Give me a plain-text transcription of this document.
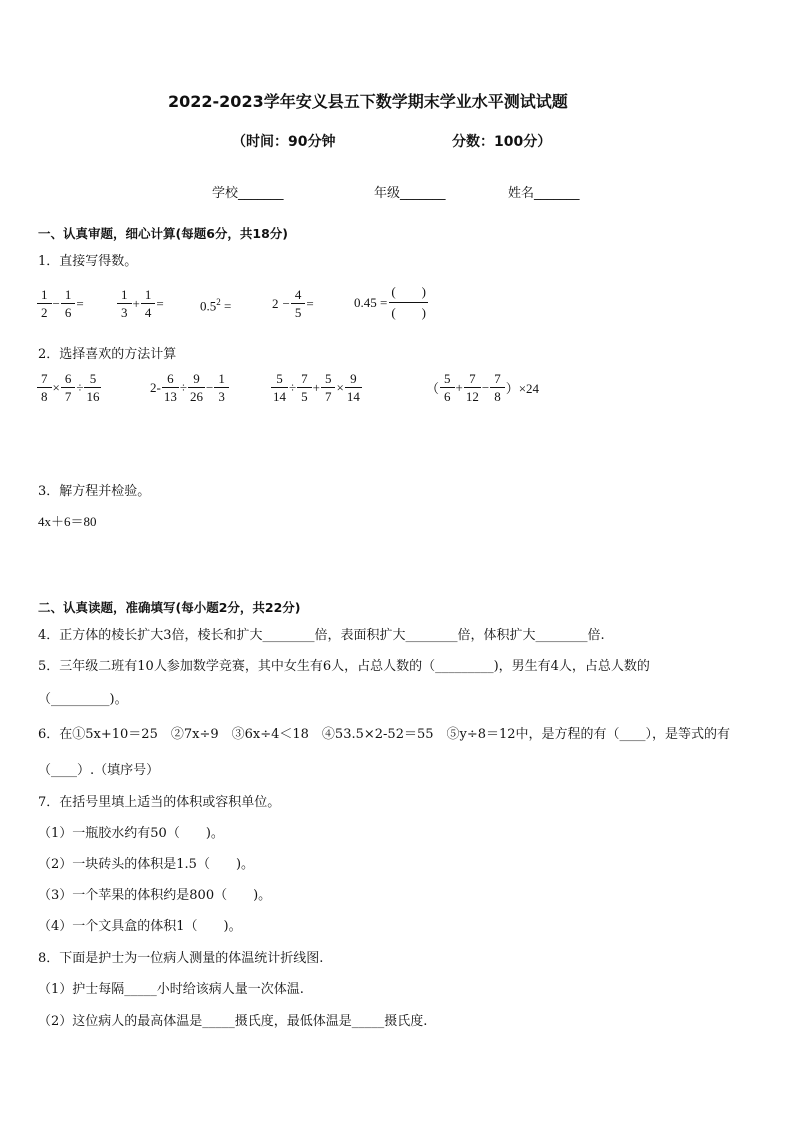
2022-2023学年安义县五下数学期末学业水平测试试题
（时间：90分钟	分数：100分）
学校_______	年级_______	姓名_______
一、认真审题，细心计算(每题6分，共18分)
1．直接写得数。
$\frac{1}{2} - \frac{1}{6}$ =	$\frac{1}{3} + \frac{1}{4}$ =	$0.5^2$ =	$2 - \frac{4}{5}$ =	$0.45 = \frac{( )}{( )}$
2．选择喜欢的方法计算
$\frac{7}{8} \times \frac{6}{7} \div \frac{5}{16}$	$2- \frac{6}{13} \div \frac{9}{26} - \frac{1}{3}$	$\frac{5}{14} \div \frac{7}{5} + \frac{5}{7} \times \frac{9}{14}$	（ $\frac{5}{6} + \frac{7}{12} - \frac{7}{8} )\times 24$
3．解方程并检验。
4x＋6＝80
二、认真读题，准确填写(每小题2分，共22分)
4．正方体的棱长扩大3倍，棱长和扩大________倍，表面积扩大________倍，体积扩大________倍.
5．三年级二班有10人参加数学竞赛，其中女生有6人，占总人数的（_________)，男生有4人，占总人数的
（_________)。
6．在①5x+10＝25　②7x÷9　③6x÷4＜18　④53.5×2-52＝55　⑤y÷8＝12中，是方程的有（____），是等式的有
（____）.（填序号）
7．在括号里填上适当的体积或容积单位。
（1）一瓶胶水约有50（　　)。
（2）一块砖头的体积是1.5（　　)。
（3）一个苹果的体积约是800（　　)。
（4）一个文具盒的体积1（　　)。
8．下面是护士为一位病人测量的体温统计折线图.
（1）护士每隔_____小时给该病人量一次体温.
（2）这位病人的最高体温是_____摄氏度，最低体温是_____摄氏度.
